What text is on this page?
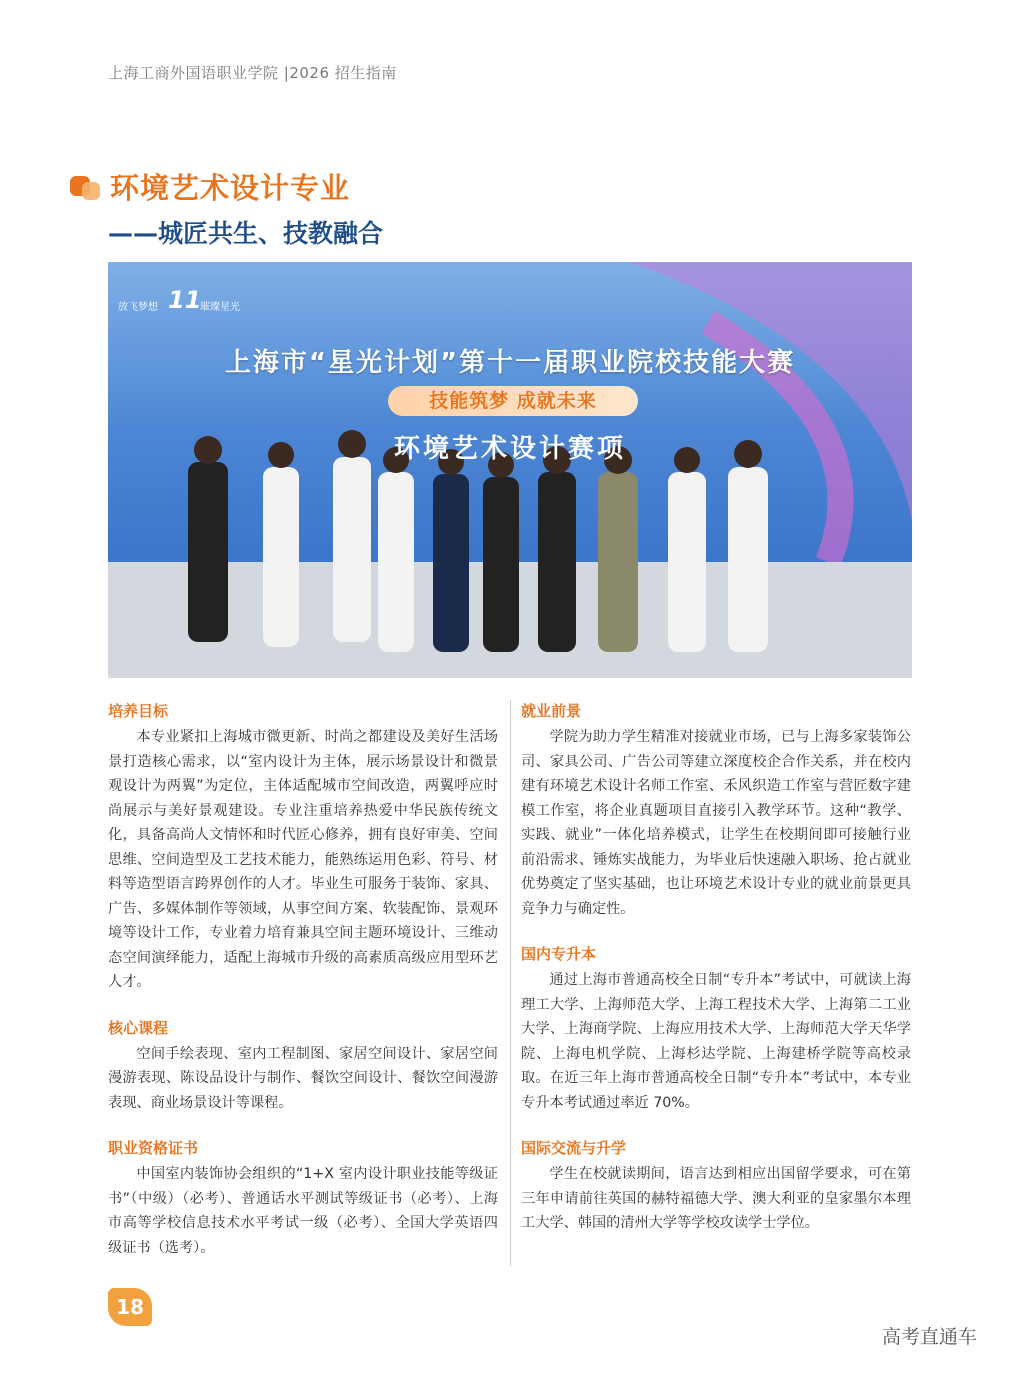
上海工商外国语职业学院 |2026 招生指南
环境艺术设计专业
——城匠共生、技教融合
放飞梦想 11
璀璨星光
上海市“星光计划”第十一届职业院校技能大赛
技能筑梦 成就未来
环境艺术设计赛项

培养目标

本专业紧扣上海城市微更新、时尚之都建设及美好生活场景打造核心需求，以“室内设计为主体，展示场景设计和微景观设计为两翼”为定位，主体适配城市空间改造，两翼呼应时尚展示与美好景观建设。专业注重培养热爱中华民族传统文化，具备高尚人文情怀和时代匠心修养，拥有良好审美、空间思维、空间造型及工艺技术能力，能熟练运用色彩、符号、材料等造型语言跨界创作的人才。毕业生可服务于装饰、家具、广告、多媒体制作等领域，从事空间方案、软装配饰、景观环境等设计工作，专业着力培育兼具空间主题环境设计、三维动态空间演绎能力，适配上海城市升级的高素质高级应用型环艺人才。

核心课程

空间手绘表现、室内工程制图、家居空间设计、家居空间漫游表现、陈设品设计与制作、餐饮空间设计、餐饮空间漫游表现、商业场景设计等课程。

职业资格证书

中国室内装饰协会组织的“1+X 室内设计职业技能等级证书”（中级）（必考）、普通话水平测试等级证书（必考）、上海市高等学校信息技术水平考试一级（必考）、全国大学英语四级证书（选考）。

就业前景

学院为助力学生精准对接就业市场，已与上海多家装饰公司、家具公司、广告公司等建立深度校企合作关系，并在校内建有环境艺术设计名师工作室、禾风织造工作室与营匠数字建模工作室，将企业真题项目直接引入教学环节。这种“教学、实践、就业”一体化培养模式，让学生在校期间即可接触行业前沿需求、锤炼实战能力，为毕业后快速融入职场、抢占就业优势奠定了坚实基础，也让环境艺术设计专业的就业前景更具竞争力与确定性。

国内专升本

通过上海市普通高校全日制“专升本”考试中，可就读上海理工大学、上海师范大学、上海工程技术大学、上海第二工业大学、上海商学院、上海应用技术大学、上海师范大学天华学院、上海电机学院、上海杉达学院、上海建桥学院等高校录取。在近三年上海市普通高校全日制“专升本”考试中，本专业专升本考试通过率近 70%。

国际交流与升学

学生在校就读期间，语言达到相应出国留学要求，可在第三年申请前往英国的赫特福德大学、澳大利亚的皇家墨尔本理工大学、韩国的清州大学等学校攻读学士学位。

18
高考直通车
